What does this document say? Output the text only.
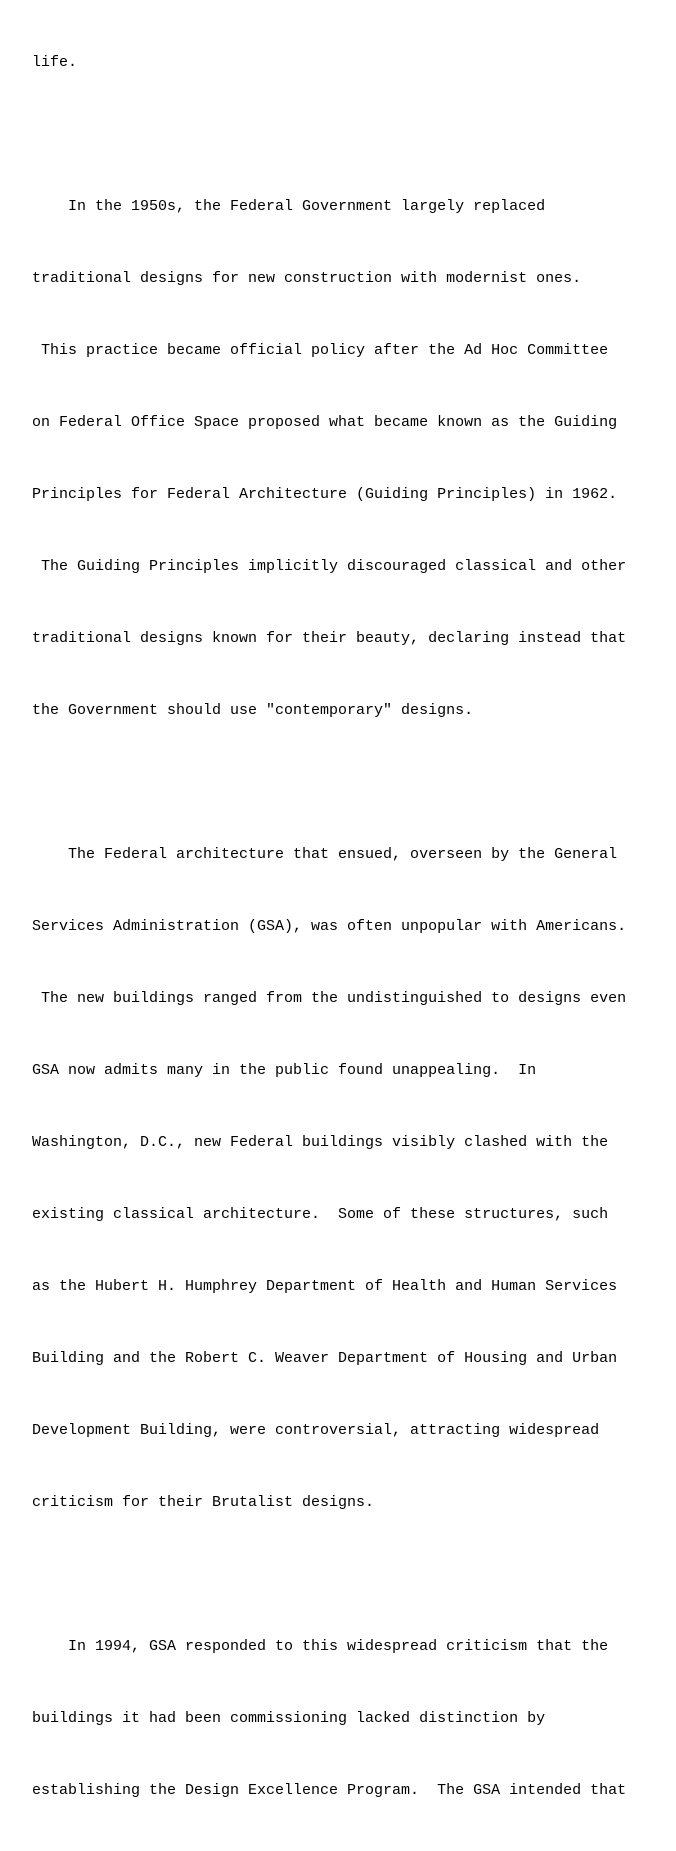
life.

In the 1950s, the Federal Government largely replaced

traditional designs for new construction with modernist ones.

This practice became official policy after the Ad Hoc Committee

on Federal Office Space proposed what became known as the Guiding

Principles for Federal Architecture (Guiding Principles) in 1962.

The Guiding Principles implicitly discouraged classical and other

traditional designs known for their beauty, declaring instead that

the Government should use "contemporary" designs.

The Federal architecture that ensued, overseen by the General

Services Administration (GSA), was often unpopular with Americans.

The new buildings ranged from the undistinguished to designs even

GSA now admits many in the public found unappealing.  In

Washington, D.C., new Federal buildings visibly clashed with the

existing classical architecture.  Some of these structures, such

as the Hubert H. Humphrey Department of Health and Human Services

Building and the Robert C. Weaver Department of Housing and Urban

Development Building, were controversial, attracting widespread

criticism for their Brutalist designs.

In 1994, GSA responded to this widespread criticism that the

buildings it had been commissioning lacked distinction by

establishing the Design Excellence Program.  The GSA intended that
